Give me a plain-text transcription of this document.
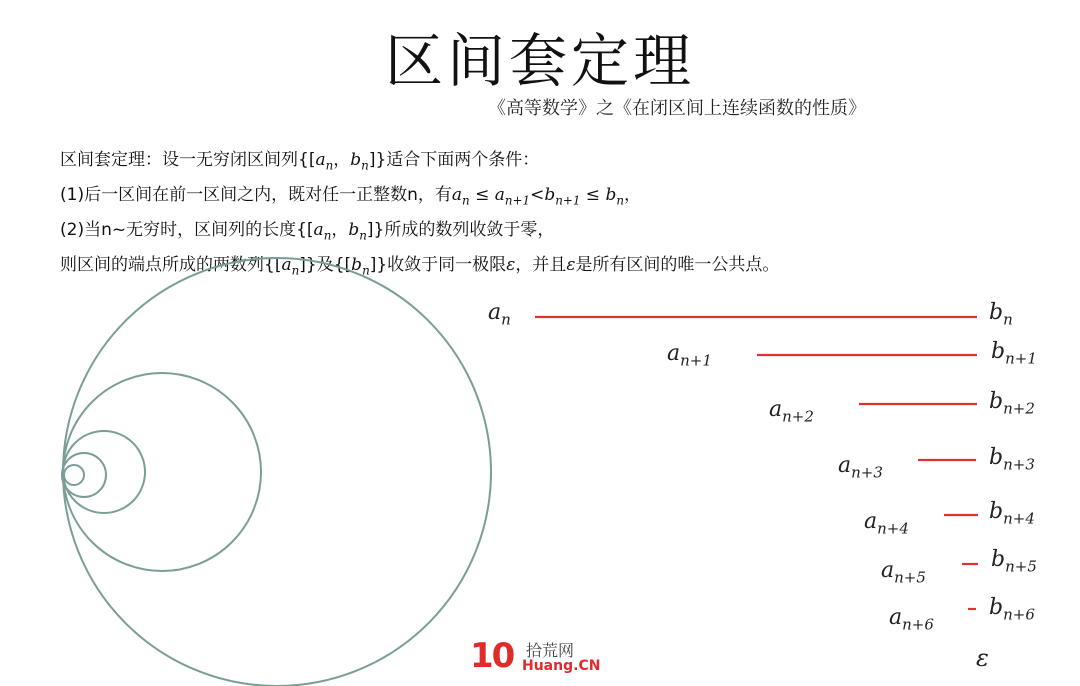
区间套定理
《高等数学》之《在闭区间上连续函数的性质》
区间套定理：设一无穷闭区间列{[$a_n$，$b_n$]}适合下面两个条件：
(1)后一区间在前一区间之内，既对任一正整数n，有$a_n \le a_{n+1}<b_{n+1} \le b_n$，
(2)当n~无穷时，区间列的长度{[$a_n$，$b_n$]}所成的数列收敛于零，
则区间的端点所成的两数列$\{[a_n]\}$及$\{[b_n]\}$收敛于同一极限ε，并且ε是所有区间的唯一公共点。
$a_n$
$a_{n+1}$
$a_{n+2}$
$a_{n+3}$
$a_{n+4}$
$a_{n+5}$
$a_{n+6}$
$b_n$
$b_{n+1}$
$b_{n+2}$
$b_{n+3}$
$b_{n+4}$
$b_{n+5}$
$b_{n+6}$
ε
10 拾荒网
Huang.CN
